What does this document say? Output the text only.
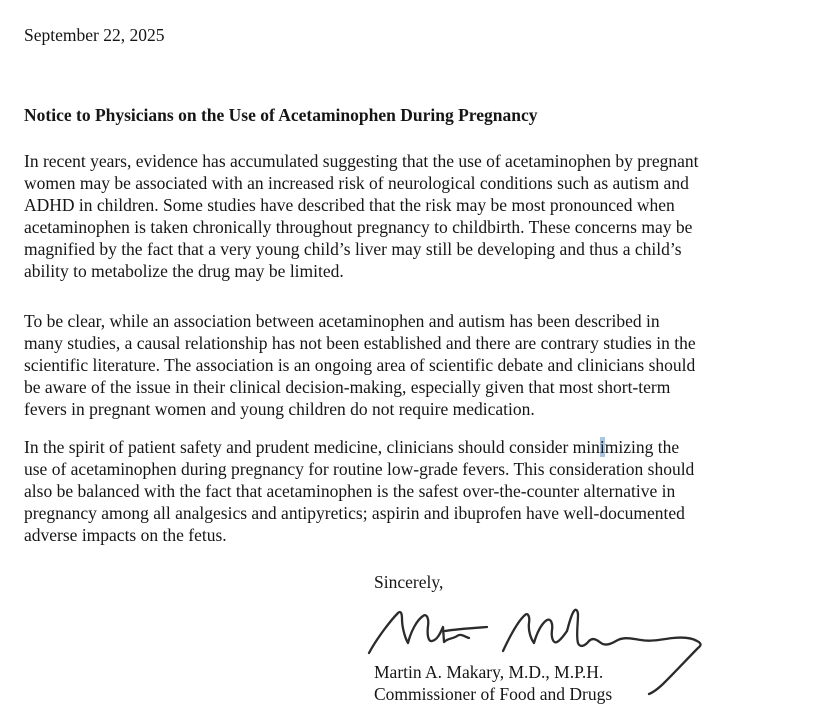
September 22, 2025
Notice to Physicians on the Use of Acetaminophen During Pregnancy
In recent years, evidence has accumulated suggesting that the use of acetaminophen by pregnant
women may be associated with an increased risk of neurological conditions such as autism and
ADHD in children. Some studies have described that the risk may be most pronounced when
acetaminophen is taken chronically throughout pregnancy to childbirth. These concerns may be
magnified by the fact that a very young child’s liver may still be developing and thus a child’s
ability to metabolize the drug may be limited.
To be clear, while an association between acetaminophen and autism has been described in
many studies, a causal relationship has not been established and there are contrary studies in the
scientific literature. The association is an ongoing area of scientific debate and clinicians should
be aware of the issue in their clinical decision-making, especially given that most short-term
fevers in pregnant women and young children do not require medication.
In the spirit of patient safety and prudent medicine, clinicians should consider minimizing the
use of acetaminophen during pregnancy for routine low-grade fevers. This consideration should
also be balanced with the fact that acetaminophen is the safest over-the-counter alternative in
pregnancy among all analgesics and antipyretics; aspirin and ibuprofen have well-documented
adverse impacts on the fetus.
Sincerely,
Martin A. Makary, M.D., M.P.H.
Commissioner of Food and Drugs
